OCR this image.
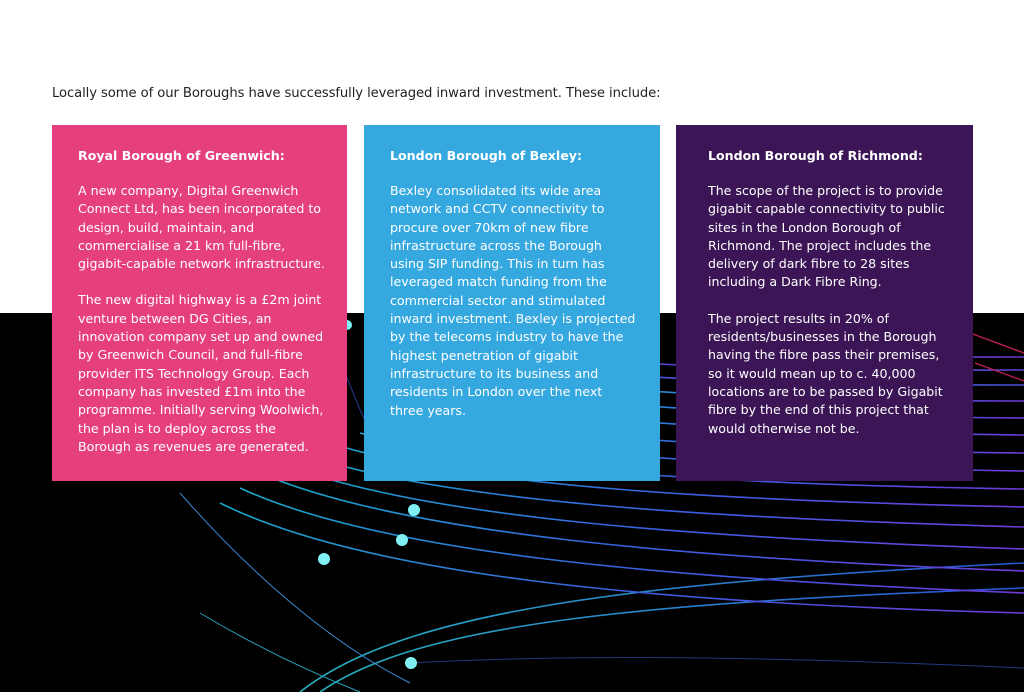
Locally some of our Boroughs have successfully leveraged inward investment. These include:
Royal Borough of Greenwich:

A new company, Digital Greenwich Connect Ltd, has been incorporated to design, build, maintain, and commercialise a 21 km full-fibre, gigabit-capable network infrastructure.

The new digital highway is a £2m joint venture between DG Cities, an innovation company set up and owned by Greenwich Council, and full-fibre provider ITS Technology Group. Each company has invested £1m into the programme. Initially serving Woolwich, the plan is to deploy across the Borough as revenues are generated.

London Borough of Bexley:

Bexley consolidated its wide area network and CCTV connectivity to procure over 70km of new fibre infrastructure across the Borough using SIP funding. This in turn has leveraged match funding from the commercial sector and stimulated inward investment. Bexley is projected by the telecoms industry to have the highest penetration of gigabit infrastructure to its business and residents in London over the next three years.

London Borough of Richmond:

The scope of the project is to provide gigabit capable connectivity to public sites in the London Borough of Richmond. The project includes the delivery of dark fibre to 28 sites including a Dark Fibre Ring.

The project results in 20% of residents/businesses in the Borough having the fibre pass their premises, so it would mean up to c. 40,000 locations are to be passed by Gigabit fibre by the end of this project that would otherwise not be.
